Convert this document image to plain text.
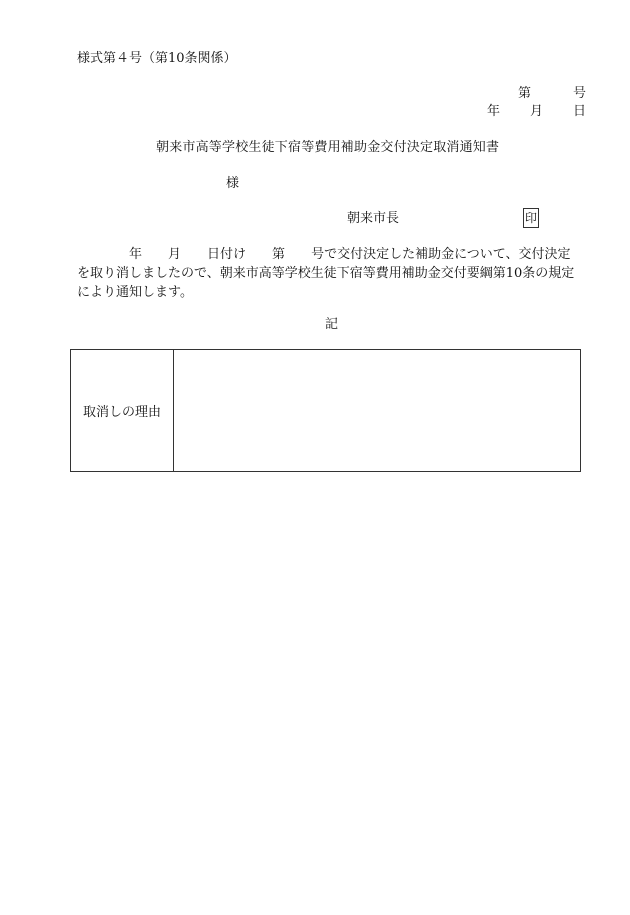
様式第４号（第10条関係）
第	号
年 月 日
朝来市高等学校生徒下宿等費用補助金交付決定取消通知書
様
朝来市長	印
年 月 日付け 第 号で交付決定した補助金について、交付決定
を取り消しましたので、朝来市高等学校生徒下宿等費用補助金交付要綱第10条の規定
により通知します。
記
取消しの理由
